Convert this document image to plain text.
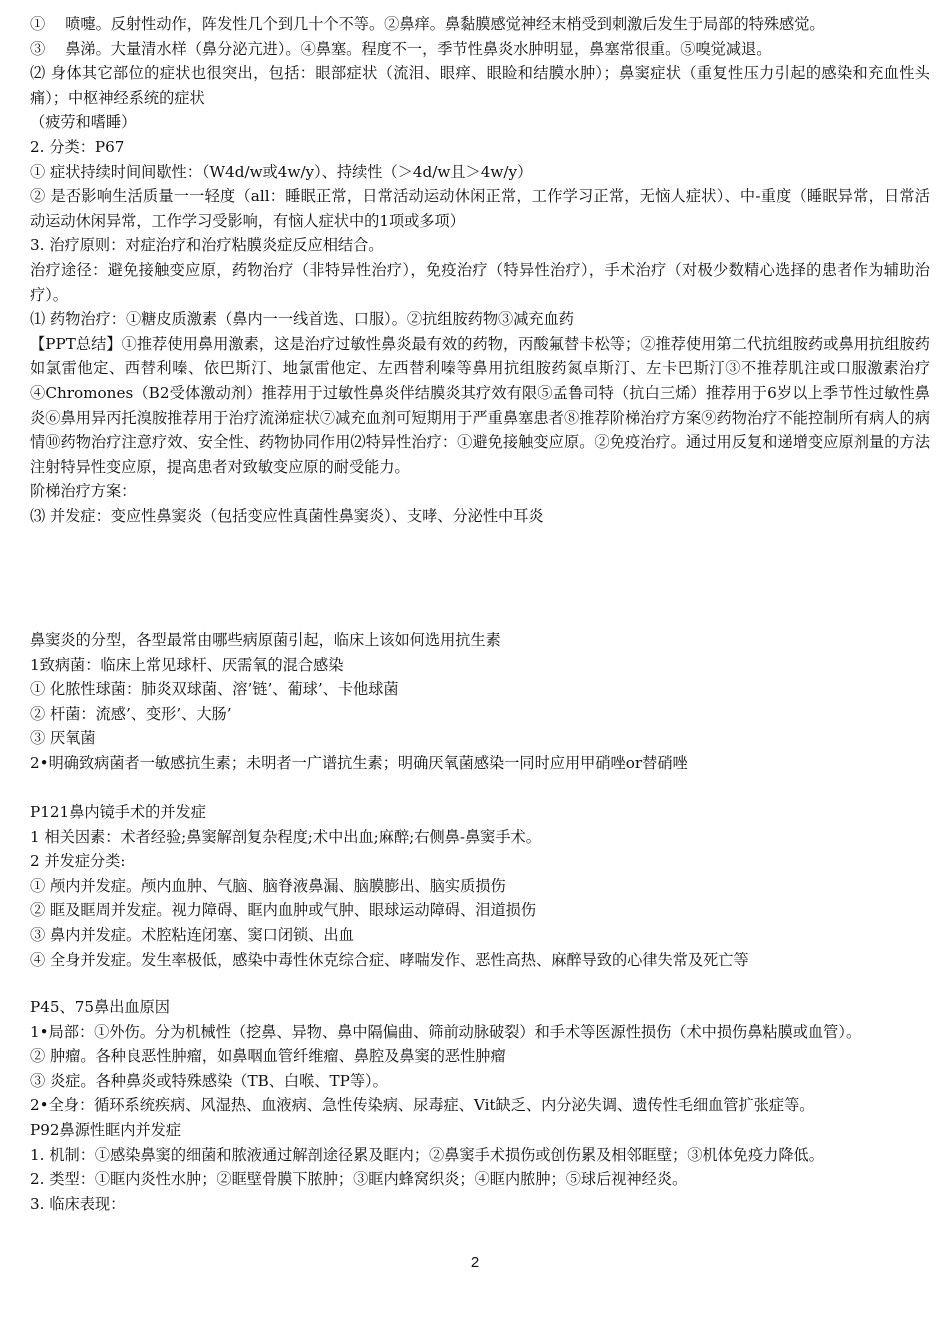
①　 喷嚏。反射性动作，阵发性几个到几十个不等。②鼻痒。鼻黏膜感觉神经末梢受到刺激后发生于局部的特殊感觉。
③　 鼻涕。大量清水样（鼻分泌亢进）。④鼻塞。程度不一，季节性鼻炎水肿明显，鼻塞常很重。⑤嗅觉减退。
⑵ 身体其它部位的症状也很突出，包括：眼部症状（流泪、眼痒、眼睑和结膜水肿）；鼻窦症状（重复性压力引起的感染和充血性头痛）；中枢神经系统的症状
（疲劳和嗜睡）
2. 分类：P67
① 症状持续时间间歇性：（W4d/w或4w/y）、持续性（＞4d/w且＞4w/y）
② 是否影响生活质量一一轻度（all：睡眠正常，日常活动运动休闲正常，工作学习正常，无恼人症状）、中-重度（睡眠异常，日常活动运动休闲异常，工作学习受影响，有恼人症状中的1项或多项）
3. 治疗原则：对症治疗和治疗粘膜炎症反应相结合。
治疗途径：避免接触变应原，药物治疗（非特异性治疗），免疫治疗（特异性治疗），手术治疗（对极少数精心选择的患者作为辅助治疗）。
⑴ 药物治疗：①糖皮质激素（鼻内一一线首选、口服）。②抗组胺药物③减充血药
【PPT总结】①推荐使用鼻用激素，这是治疗过敏性鼻炎最有效的药物，丙酸氟替卡松等；②推荐使用第二代抗组胺药或鼻用抗组胺药如氯雷他定、西替利嗪、依巴斯汀、地氯雷他定、左西替利嗪等鼻用抗组胺药氮卓斯汀、左卡巴斯汀③不推荐肌注或口服激素治疗④Chromones（B2受体激动剂）推荐用于过敏性鼻炎伴结膜炎其疗效有限⑤孟鲁司特（抗白三烯）推荐用于6岁以上季节性过敏性鼻炎⑥鼻用异丙托溴胺推荐用于治疗流涕症状⑦减充血剂可短期用于严重鼻塞患者⑧推荐阶梯治疗方案⑨药物治疗不能控制所有病人的病情⑩药物治疗注意疗效、安全性、药物协同作用⑵特异性治疗：①避免接触变应原。②免疫治疗。通过用反复和递增变应原剂量的方法注射特异性变应原，提高患者对致敏变应原的耐受能力。
阶梯治疗方案：
⑶ 并发症：变应性鼻窦炎（包括变应性真菌性鼻窦炎）、支哮、分泌性中耳炎
鼻窦炎的分型，各型最常由哪些病原菌引起，临床上该如何选用抗生素
1致病菌：临床上常见球杆、厌需氧的混合感染
① 化脓性球菌：肺炎双球菌、溶’链’、葡球’、卡他球菌
② 杆菌：流感’、变形’、大肠’
③ 厌氧菌
2•明确致病菌者一敏感抗生素；未明者一广谱抗生素；明确厌氧菌感染一同时应用甲硝唑or替硝唑
P121鼻内镜手术的并发症
1 相关因素：术者经验;鼻窦解剖复杂程度;术中出血;麻醉;右侧鼻-鼻窦手术。
2 并发症分类:
① 颅内并发症。颅内血肿、气脑、脑脊液鼻漏、脑膜膨出、脑实质损伤
② 眶及眶周并发症。视力障碍、眶内血肿或气肿、眼球运动障碍、泪道损伤
③ 鼻内并发症。术腔粘连闭塞、窦口闭锁、出血
④ 全身并发症。发生率极低，感染中毒性休克综合症、哮喘发作、恶性高热、麻醉导致的心律失常及死亡等
P45、75鼻出血原因
1•局部：①外伤。分为机械性（挖鼻、异物、鼻中隔偏曲、筛前动脉破裂）和手术等医源性损伤（术中损伤鼻粘膜或血管）。
② 肿瘤。各种良恶性肿瘤，如鼻咽血管纤维瘤、鼻腔及鼻窦的恶性肿瘤
③ 炎症。各种鼻炎或特殊感染（TB、白喉、TP等）。
2•全身：循环系统疾病、风湿热、血液病、急性传染病、尿毒症、Vit缺乏、内分泌失调、遗传性毛细血管扩张症等。
P92鼻源性眶内并发症
1. 机制：①感染鼻窦的细菌和脓液通过解剖途径累及眶内；②鼻窦手术损伤或创伤累及相邻眶壁；③机体免疫力降低。
2. 类型：①眶内炎性水肿；②眶壁骨膜下脓肿；③眶内蜂窝织炎；④眶内脓肿；⑤球后视神经炎。
3. 临床表现：
2
